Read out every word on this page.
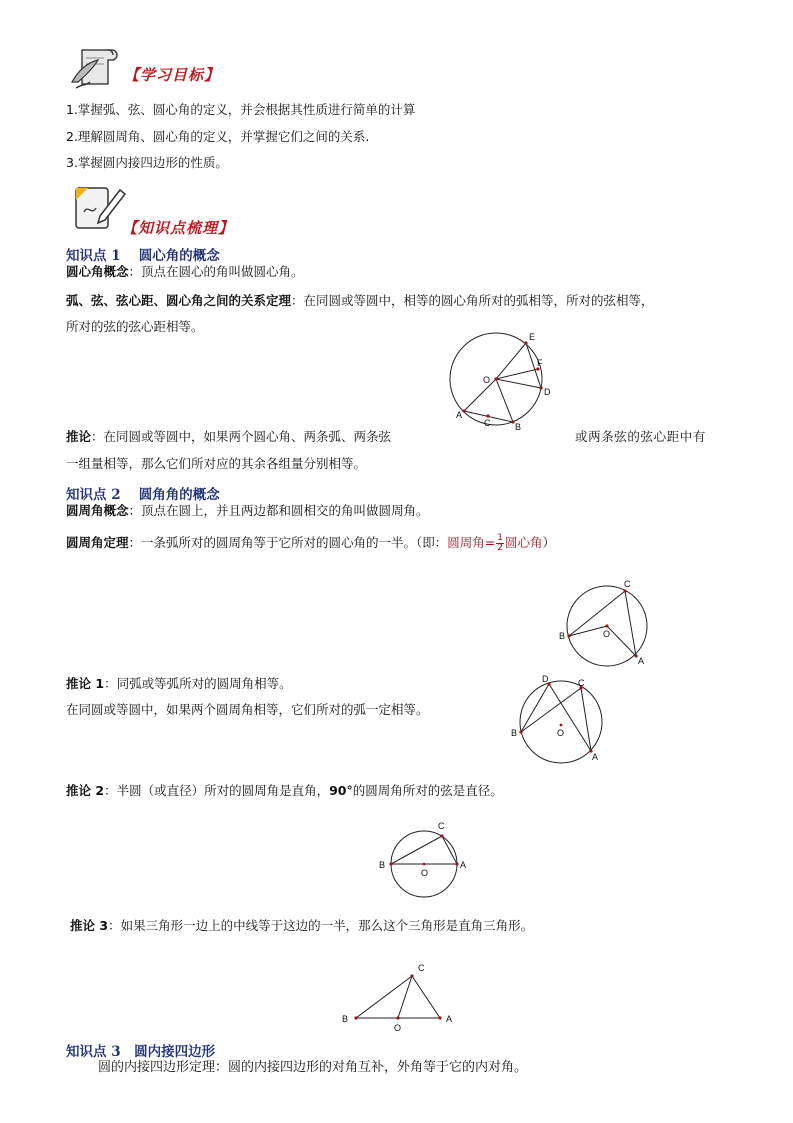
【学习目标】
1.掌握弧、弦、圆心角的定义，并会根据其性质进行简单的计算
2.理解圆周角、圆心角的定义，并掌握它们之间的关系.
3.掌握圆内接四边形的性质。
【知识点梳理】
知识点 1　 圆心角的概念
圆心角概念：顶点在圆心的角叫做圆心角。
弧、弦、弦心距、圆心角之间的关系定理：在同圆或等圆中，相等的圆心角所对的弧相等，所对的弦相等，
所对的弦的弦心距相等。
E
F
O
D
A
C	B
推论：在同圆或等圆中，如果两个圆心角、两条弧、两条弦	或两条弦的弦心距中有
一组量相等，那么它们所对应的其余各组量分别相等。
知识点 2　 圆角角的概念
圆周角概念：顶点在圆上，并且两边都和圆相交的角叫做圆周角。
圆周角定理：一条弧所对的圆周角等于它所对的圆心角的一半。（即：圆周角= $\frac{1}{2}$ 圆心角）
C
B	O
A
推论 1：同弧或等弧所对的圆周角相等。
在同圆或等圆中，如果两个圆周角相等，它们所对的弧一定相等。
D	C
B	O
A
推论 2：半圆（或直径）所对的圆周角是直角，90°的圆周角所对的弦是直径。
C
B
O
A
推论 3：如果三角形一边上的中线等于这边的一半，那么这个三角形是直角三角形。
C
B
O
A
知识点 3　圆内接四边形
圆的内接四边形定理：圆的内接四边形的对角互补，外角等于它的内对角。
